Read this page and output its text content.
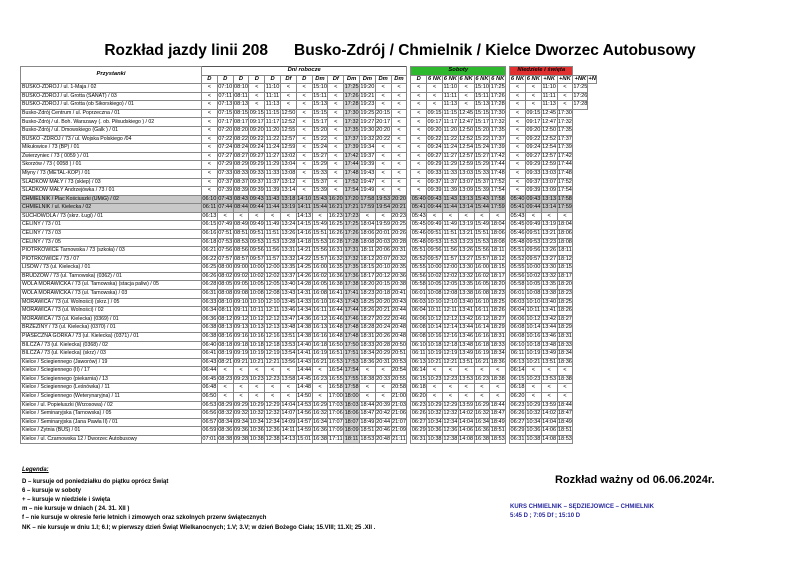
Rozkład jazdy linii 208 Busko-Zdrój / Chmielnik / Kielce Dworzec Autobusowy
Przystanki	Dni robocze														Soboty							Niedziele i święta					
	D	D	D	D	D	Df	D	Dm	Df	Dm	Dm	Dm	Dm		D	6 NK	6 NK	6 NK	6 NK	6 NK		6 NK	6 NK	+NK	+NK	+NK	+N
BUSKO-ZDRÓJ / ul. 1-Maja / 02	<	07:10	08:10	<	11:10	<	<	15:10	<	17:25	19:20	<	<		<	<	11:10	<	15:10	17:25		<	<	11:10	<	17:25	
BUSKO-ZDRÓJ / ul. Grotta (SANAT) / 03	<	07:11	08:11	<	11:11	<	<	15:11	<	17:26	19:21	<	<		<	<	11:11	<	15:11	17:26		<	<	11:11	<	17:26	
BUSKO-ZDRÓJ / ul. Grotta (ob Sikorskiego) / 01	<	07:13	08:13	<	11:13	<	<	15:13	<	17:28	19:23	<	<		<	<	11:13	<	15:13	17:28		<	<	11:13	<	17:28	
Busko-Zdrój Centrum / ul. Poprzeczna / 01	<	07:15	08:15	09:15	11:15	12:50	<	15:15	<	17:30	19:25	20:15	<		<	09:15	11:15	12:45	15:15	17:30		<	09:15	12:45	17:30		
Busko-Zdrój / ul. Boh. Warszawy (. ob. Piłsudskiego ) / 02	<	07:17	08:17	09:17	11:17	12:52	<	15:17	<	17:32	19:27	20:17	<		<	09:17	11:17	12:47	15:17	17:32		<	09:17	12:47	17:32		
Busko-Zdrój / ul. Dmowskiego (Galk ) / 01	<	07:20	08:20	09:20	11:20	12:55	<	15:20	<	17:35	19:30	20:20	<		<	09:20	11:20	12:50	15:20	17:35		<	09:20	12:50	17:35		
BUSKO -ZDRÓJ / 73 / ul. Wojska Polskiego /04	<	07:22	08:22	09:22	11:22	12:57	<	15:22	<	17:37	19:32	20:22	<		<	09:22	11:22	12:52	15:22	17:37		<	09:22	12:52	17:37		
Mikułowice / 73 (BP) / 01	<	07:24	08:24	09:24	11:24	12:59	<	15:24	<	17:39	19:34	<	<		<	09:24	11:24	12:54	15:24	17:39		<	09:24	12:54	17:39		
Zwierzyniec / 73 ( 0059 ) / 01	<	07:27	08:27	09:27	11:27	13:02	<	15:27	<	17:42	19:37	<	<		<	09:27	11:27	12:57	15:27	17:42		<	09:27	12:57	17:42		
Skorzów / 73 ( 0058 ) / 01	<	07:29	08:29	09:29	11:29	13:04	<	15:29	<	17:44	19:39	<	<		<	09:29	11:29	12:59	15:29	17:44		<	09:29	12:59	17:44		
Młyny / 73 (METAL-KOP) / 01	<	07:33	08:33	09:33	11:33	13:08	<	15:33	<	17:48	19:43	<	<		<	09:33	11:33	13:03	15:33	17:48		<	09:33	13:03	17:48		
ŚLADKÓW MAŁY / 73 (sklep) / 03	<	07:37	08:37	09:37	11:37	13:12	<	15:37	<	17:52	19:47	<	<		<	09:37	11:37	13:07	15:37	17:52		<	09:37	13:07	17:52		
ŚLADKÓW MAŁY Andrzejówka / 73 / 01	<	07:39	08:39	09:39	11:39	13:14	<	15:39	<	17:54	19:49	<	<		<	09:39	11:39	13:09	15:39	17:54		<	09:39	13:09	17:54		
CHMIELNIK / Plac Kościuszki (UMiG) / 02	06:10	07:43	08:43	09:43	11:43	13:18	14:10	15:43	16:20	17:20	17:58	19:53	20:20		05:40	09:43	11:43	13:13	15:43	17:58		05:40	09:43	13:13	17:58		
CHMIELNIK / ul. Kielecka / 02	06:11	07:44	08:44	09:44	11:44	13:19	14:11	15:44	16:21	17:21	17:59	19:54	20:21		05:41	09:44	11:44	13:14	15:44	17:59		05:41	09:44	13:14	17:59		
SUCHOWOLA / 73 (skrz. Ługi) / 01	06:13	<	<	<	<	<	14:13	<	16:23	17:23	<	<	20:23		05:43	<	<	<	<	<		05:43	<	<	<		
CELINY / 73 / 01	06:15	07:49	08:49	09:49	11:49	13:24	14:15	15:49	16:25	17:25	18:04	19:59	20:25		05:45	09:49	11:49	13:19	15:49	18:04		05:45	09:49	13:19	18:04		
CELINY / 73 / 03	06:16	07:51	08:51	09:51	11:51	13:26	14:16	15:51	16:26	17:26	18:06	20:01	20:26		05:46	09:51	11:51	13:21	15:51	18:06		05:46	09:51	13:21	18:06		
CELINY / 73 / 05	06:18	07:53	08:53	09:53	11:53	13:28	14:18	15:53	16:28	17:28	18:08	20:03	20:28		05:48	09:53	11:53	13:23	15:53	18:08		05:48	09:53	13:23	18:08		
PIOTRKOWICE Tarnowska / 73 (szkoła) / 03	06:21	07:56	08:56	09:56	11:56	13:31	14:21	15:56	16:31	17:31	18:11	20:06	20:31		05:51	09:56	11:56	13:26	15:56	18:11		05:51	09:56	13:26	18:11		
PIOTRKOWICE / 73 / 07	06:22	07:57	08:57	09:57	11:57	13:32	14:22	15:57	16:32	17:32	18:12	20:07	20:32		05:52	09:57	11:57	13:27	15:57	18:12		05:52	09:57	13:27	18:12		
LISÓW / 73 (ul. Kielecka) / 01	06:25	08:00	09:00	10:00	12:00	13:35	14:25	16:00	16:35	17:35	18:15	20:10	20:35		05:55	10:00	12:00	13:30	16:00	18:15		05:55	10:00	13:30	18:15		
BRUDZÓW / 73 (ul. Tarnowska) (0362) / 01	06:26	08:02	09:02	10:02	12:02	13:37	14:26	16:02	16:36	17:36	18:17	20:12	20:36		05:56	10:02	12:02	13:32	16:02	18:17		05:56	10:02	13:32	18:17		
WOLA MORAWICKA / 73 (ul. Tarnowska) (stacja paliw) / 05	06:28	08:05	09:05	10:05	12:05	13:40	14:28	16:05	16:38	17:38	18:20	20:15	20:38		05:58	10:05	12:05	13:35	16:05	18:20		05:58	10:05	13:35	18:20		
WOLA MORAWICKA / 73 (ul. Tarnowska) / 03	06:31	08:08	09:08	10:08	12:08	13:43	14:31	16:08	16:41	17:41	18:23	20:18	20:41		06:01	10:08	12:08	13:38	16:08	18:23		06:01	10:08	13:38	18:23		
MORAWICA / 73 (ul. Wolności) (skrz.) / 05	06:33	08:10	09:10	10:10	12:10	13:45	14:33	16:10	16:43	17:43	18:25	20:20	20:43		06:03	10:10	12:10	13:40	16:10	18:25		06:03	10:10	13:40	18:25		
MORAWICA / 73 (ul. Wolności) / 02	06:34	08:11	09:11	10:11	12:11	13:46	14:34	16:11	16:44	17:44	18:26	20:21	20:44		06:04	10:11	12:11	13:41	16:11	18:26		06:04	10:11	13:41	18:26		
MORAWICA / 73 (ul. Kielecka) (0369) / 01	06:36	08:12	09:12	10:12	12:12	13:47	14:36	16:12	16:46	17:46	18:27	20:22	20:46		06:06	10:12	12:12	13:42	16:12	18:27		06:06	10:12	13:42	18:27		
BRZEZINY / 73 (ul. Kielecka) (0370) / 01	06:38	08:13	09:13	10:13	12:13	13:48	14:38	16:13	16:48	17:48	18:28	20:24	20:48		06:08	10:14	12:14	13:44	16:14	18:29		06:08	10:14	13:44	18:29		
PIASECZNA GÓRKA / 73 (ul. Kielecka) (0371) / 01	06:38	08:16	09:16	10:16	12:16	13:51	14:38	16:16	16:48	17:48	18:31	20:26	20:48		06:08	10:16	12:16	13:46	16:16	18:31		06:08	10:16	13:46	18:31		
BILCZA / 73 (ul. Kielecka) (0368) / 02	06:40	08:18	09:18	10:18	12:18	13:53	14:40	16:18	16:50	17:50	18:33	20:28	20:50		06:10	10:18	12:18	13:48	16:18	18:33		06:10	10:18	13:48	18:33		
BILCZA / 73 (ul. Kielecka) (skrz) / 03	06:41	08:19	09:19	10:19	12:19	13:54	14:41	16:19	16:51	17:51	18:34	20:29	20:51		06:11	10:19	12:19	13:49	16:19	18:34		06:11	10:19	13:49	18:34		
Kielce / Ściegiennego (Jaworów) / 19	06:43	08:21	09:21	10:21	12:21	13:56	14:43	16:21	16:53	17:53	18:36	20:31	20:53		06:13	10:21	12:21	13:51	16:21	18:36		06:13	10:21	13:51	18:36		
Kielce / Ściegiennego (II) / 17	06:44	<	<	<	<	<	14:44	<	16:54	17:54	<	<	20:54		06:14	<	<	<	<	<		06:14	<	<	<		
Kielce / Ściegiennego (piekarnia) / 13	06:45	08:23	09:23	10:23	12:23	13:58	14:45	16:23	16:55	17:55	18:38	20:33	20:55		06:15	10:23	12:23	13:53	16:23	18:38		06:15	10:23	13:53	18:38		
Kielce / Ściegiennego (Leśnówka) / 11	06:48	<	<	<	<	<	14:48	<	16:58	17:58	<	<	20:58		06:18	<	<	<	<	<		06:18	<	<	<		
Kielce / Ściegiennego (Weterynaryjna) / 11	06:50	<	<	<	<	<	14:50	<	17:00	18:00	<	<	21:00		06:20	<	<	<	<	<		06:20	<	<	<		
Kielce / ul. Popiełuszki (Wrzosowa) / 02	06:53	08:29	09:29	10:29	12:29	14:04	14:53	16:29	17:03	18:03	18:44	20:39	21:03		06:23	10:29	12:29	13:59	16:29	18:44		06:23	10:29	13:59	18:44		
Kielce / Seminaryjska (Tarnowska) / 05	06:56	08:32	09:32	10:32	12:32	14:07	14:56	16:32	17:06	18:06	18:47	20:42	21:06		06:26	10:32	12:32	14:02	16:32	18:47		06:26	10:32	14:02	18:47		
Kielce / Seminaryjska (Jana Pawła II) / 01	06:57	08:34	09:34	10:34	12:34	14:09	14:57	16:34	17:07	18:07	18:49	20:44	21:07		06:27	10:34	12:34	14:04	16:34	18:49		06:27	10:34	14:04	18:49		
Kielce / Żytnia (BUS) / 01	06:59	08:36	09:36	10:36	12:36	14:11	14:59	16:36	17:09	18:09	18:51	20:46	21:09		06:29	10:36	12:36	14:06	16:36	18:51		06:29	10:36	14:06	18:51		
Kielce / ul. Czarnowska 12 / Dworzec Autobusowy	07:01	08:38	09:38	10:38	12:38	14:13	15:01	16:38	17:11	18:11	18:53	20:48	21:11		06:31	10:38	12:38	14:08	16:38	18:53		06:31	10:38	14:08	18:53		
Legenda:
D – kursuje od poniedziałku do piątku oprócz Świąt
6 – kursuje w soboty
+ – kursuje w niedziele i święta
m – nie kursuje w dniach ( 24. 31. XII )
f – nie kursuje w okresie ferie letnich i zimowych oraz szkolnych przerw świątecznych
NK – nie kursuje w dniu 1.I; 6.I; w pierwszy dzień Świąt Wielkanocnych; 1.V; 3.V; w dzień Bożego Ciała; 15.VIII; 11.XI; 25 .XII .
Rozkład ważny od 06.06.2024r.
KURS CHMIELNIK – SĘDZIEJOWICE – CHMIELNIK
5:45 D ; 7:05 Df ; 15:10 D
